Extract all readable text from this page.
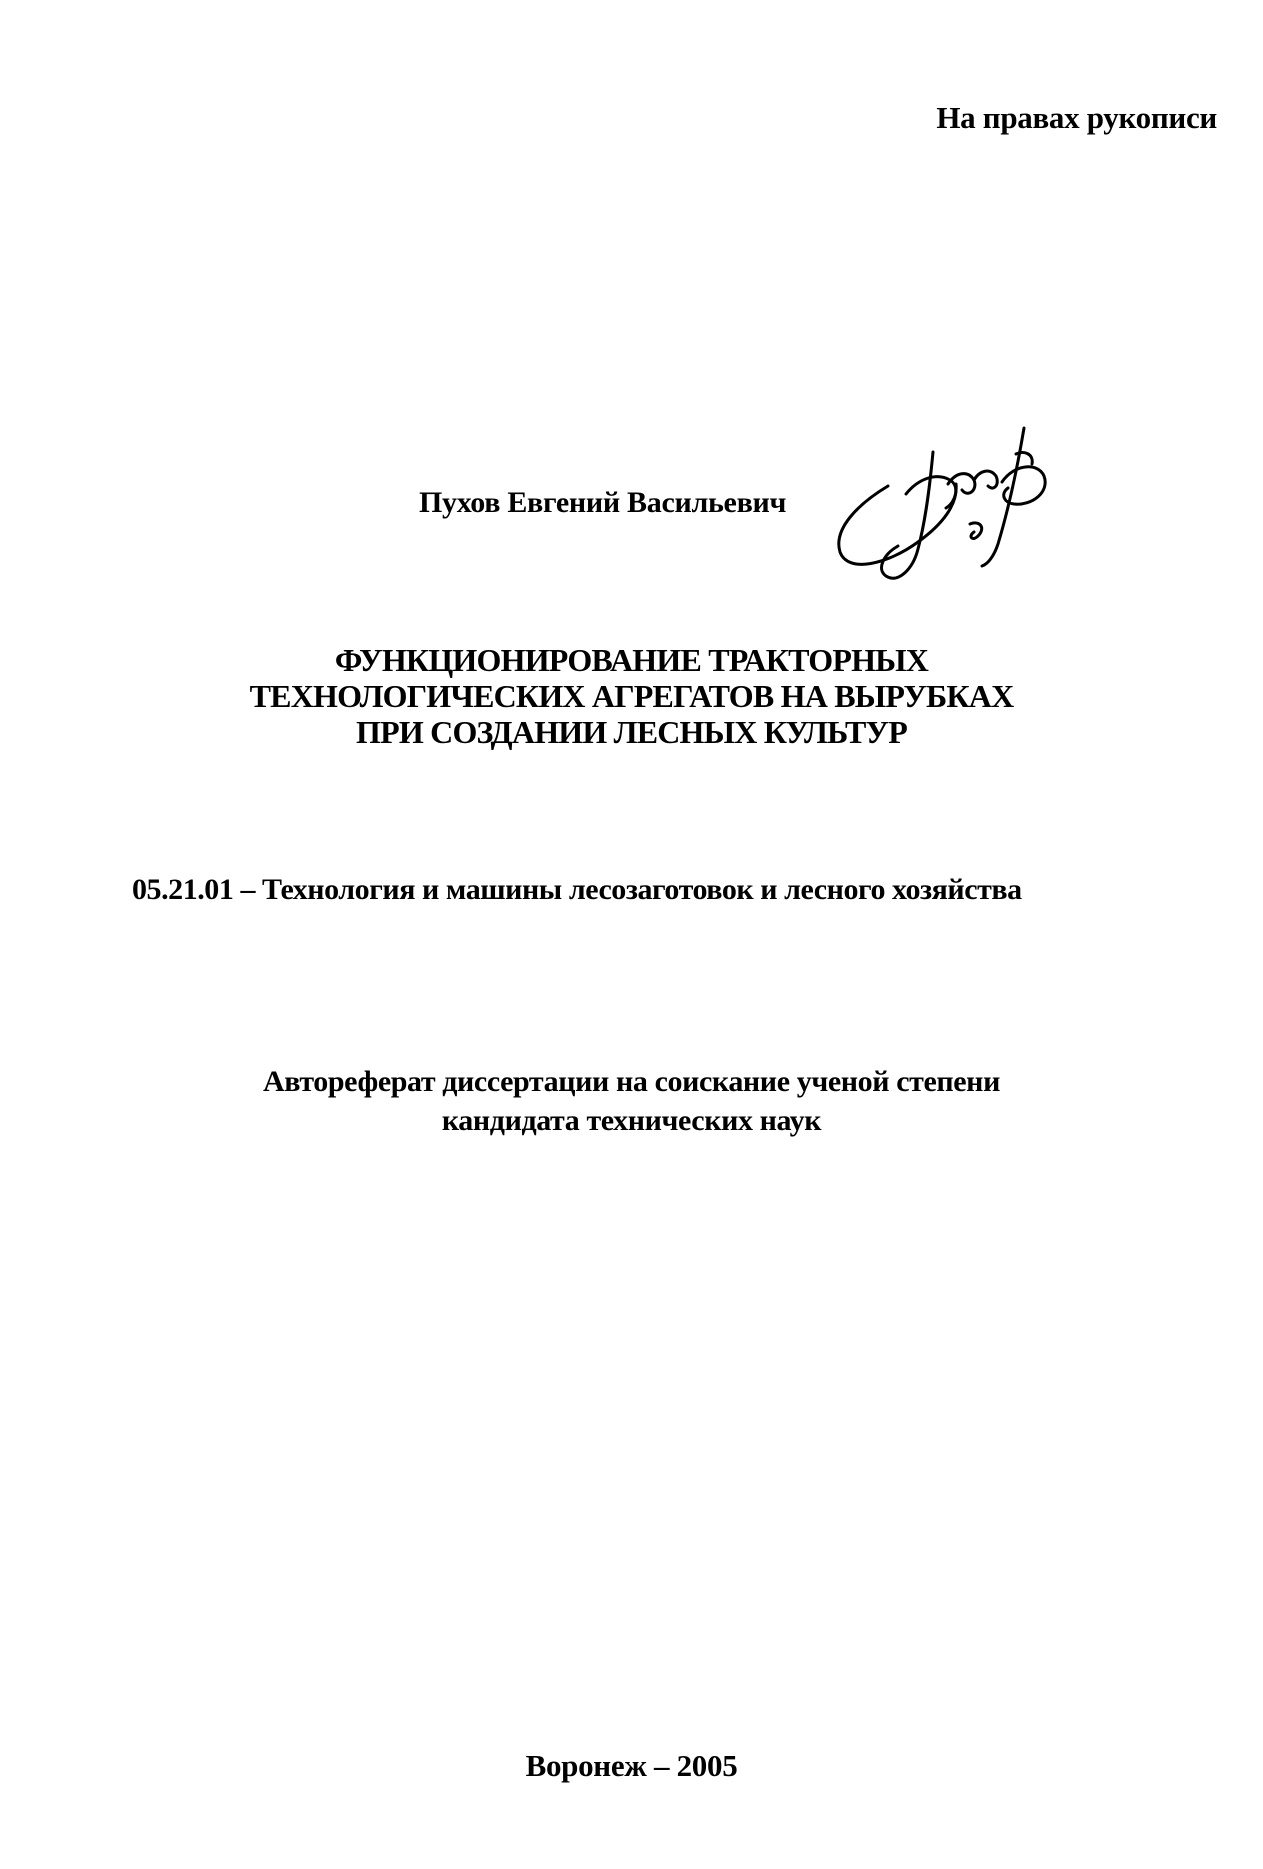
На правах рукописи
Пухов Евгений Васильевич
ФУНКЦИОНИРОВАНИЕ ТРАКТОРНЫХ
ТЕХНОЛОГИЧЕСКИХ АГРЕГАТОВ НА ВЫРУБКАХ
ПРИ СОЗДАНИИ ЛЕСНЫХ КУЛЬТУР
05.21.01 – Технология и машины лесозаготовок и лесного хозяйства
Автореферат диссертации на соискание ученой степени
кандидата технических наук
Воронеж – 2005
